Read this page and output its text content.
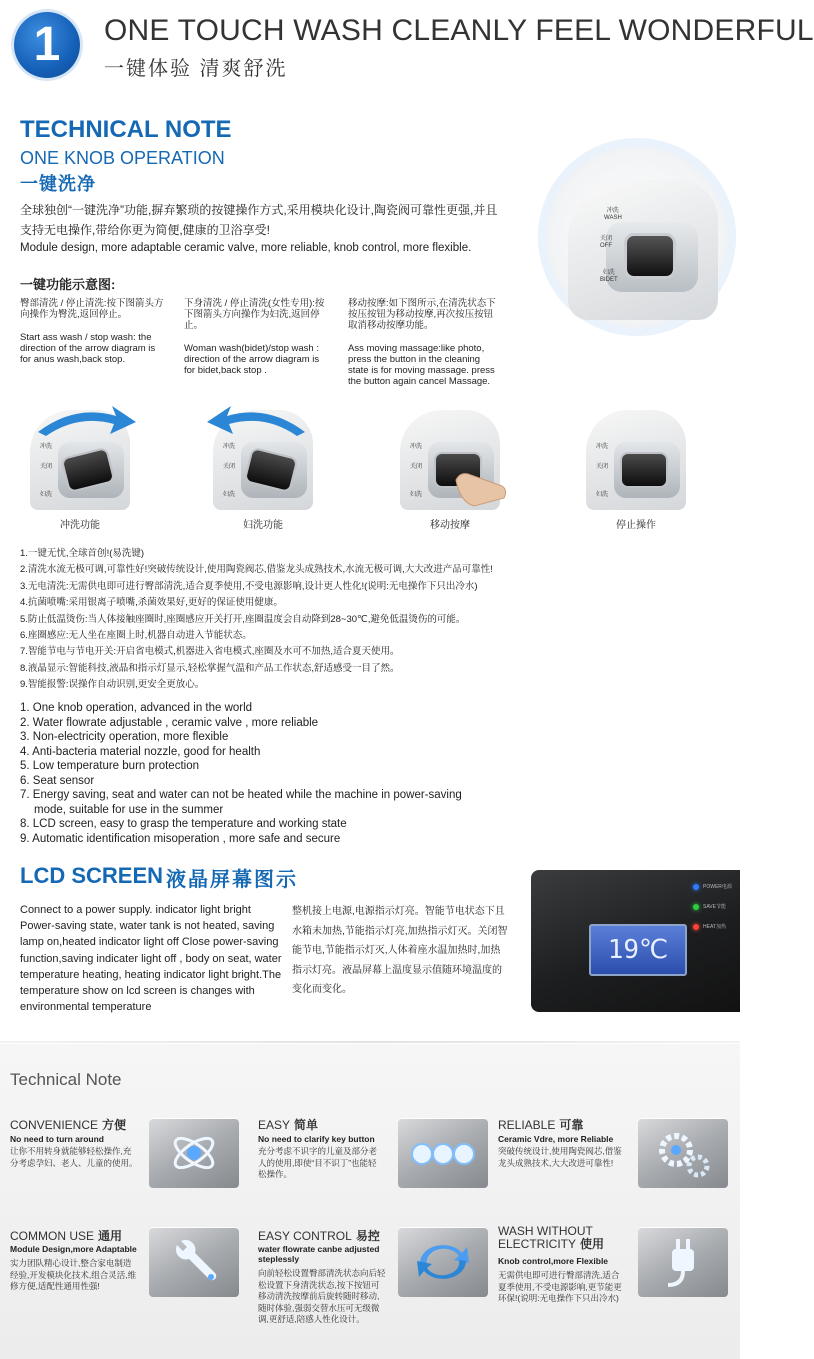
1	ONE TOUCH WASH CLEANLY FEEL WONDERFUL
一键体验 清爽舒洗
TECHNICAL NOTE
ONE KNOB OPERATION
一键洗净
全球独创“一键洗净”功能,摒弃繁琐的按键操作方式,采用模块化设计,陶瓷阀可靠性更强,并且支持无电操作,带给你更为简便,健康的卫浴享受!
Module design, more adaptable ceramic valve, more reliable, knob control, more flexible.
冲洗
WASH
关闭
OFF
妇洗
BIDET
一键功能示意图:
臀部清洗 / 停止清洗:按下图箭头方向操作为臀洗,返回停止。
Start ass wash / stop wash: the direction of the arrow diagram is for anus wash,back stop.
下身清洗 / 停止清洗(女性专用):按下图箭头方向操作为妇洗,返回停止。
Woman wash(bidet)/stop wash : direction of the arrow diagram is for bidet,back stop .
移动按摩:如下图所示,在清洗状态下按压按钮为移动按摩,再次按压按钮取消移动按摩功能。
Ass moving massage:like photo, press the button in the cleaning state is for moving massage. press the button again cancel Massage.
冲洗
关闭
妇洗
冲洗
关闭
妇洗
冲洗
关闭
妇洗
冲洗
关闭
妇洗
冲洗功能	妇洗功能	移动按摩	停止操作
1.一键无忧,全球首创!(易洗键)
2.清洗水流无极可调,可靠性好!突破传统设计,使用陶瓷阀芯,借鉴龙头成熟技术,水流无极可调,大大改进产品可靠性!
3.无电清洗:无需供电即可进行臀部清洗,适合夏季使用,不受电源影响,设计更人性化!(说明:无电操作下只出冷水)
4.抗菌喷嘴:采用银离子喷嘴,杀菌效果好,更好的保证使用健康。
5.防止低温烫伤:当人体接触座圈时,座圈感应开关打开,座圈温度会自动降到28~30℃,避免低温烫伤的可能。
6.座圈感应:无人坐在座圈上时,机器自动进入节能状态。
7.智能节电与节电开关:开启省电模式,机器进入省电模式,座圈及水可不加热,适合夏天使用。
8.液晶显示:智能科技,液晶和指示灯显示,轻松掌握气温和产品工作状态,舒适感受一目了然。
9.智能报警:误操作自动识别,更安全更放心。
1. One knob operation, advanced in the world
2. Water flowrate adjustable , ceramic valve , more reliable
3. Non-electricity operation, more flexible
4. Anti-bacteria material nozzle, good for health
5. Low temperature burn protection
6. Seat sensor
7. Energy saving, seat and water can not be heated while the machine in power-saving
mode, suitable for use in the summer
8. LCD screen, easy to grasp the temperature and working state
9. Automatic identification misoperation , more safe and secure
LCD SCREEN 液晶屏幕图示
Connect to a power supply. indicator light bright Power-saving state, water tank is not heated, saving lamp on,heated indicator light off Close power-saving function,saving indicater light off , body on seat, water temperature heating, heating indicator light bright.The temperature show on lcd screen is changes with environmental temperature
整机接上电源,电源指示灯亮。智能节电状态下且水箱未加热,节能指示灯亮,加热指示灯灭。关闭智能节电,节能指示灯灭,人体着座水温加热时,加热指示灯亮。液晶屏幕上温度显示值随环境温度的变化而变化。
POWER电源
SAVE节能
HEAT加热
19℃
Technical Note
CONVENIENCE 方便
No need to turn around
让你不用转身就能够轻松操作,充分考虑孕妇、老人、儿童的使用。
EASY 简单
No need to clarify key button
充分考虑不识字的儿童及部分老人的使用,即使“目不识丁”也能轻松操作。
RELIABLE 可靠
Ceramic Vdre, more Reliable
突破传统设计,使用陶瓷阀芯,借鉴龙头成熟技术,大大改进可靠性!
COMMON USE 通用
Module Design,more Adaptable
实力团队精心设计,整合家电制造经验,开发模块化技术,组合灵活,维修方便,适配性通用性强!
EASY CONTROL 易控
water flowrate canbe adjusted steplessly
向前轻松设置臀部清洗状态向后轻松设置下身清洗状态,按下按钮可移动清洗按摩前后旋转随时移动,随时体验,强弱交替水压可无级微调,更舒适,陪感人性化设计。
WASH WITHOUT
ELECTRICITY 使用
Knob control,more Flexible
无需供电即可进行臀部清洗,适合夏季使用,不受电源影响,更节能更环保!(说明:无电操作下只出冷水)
